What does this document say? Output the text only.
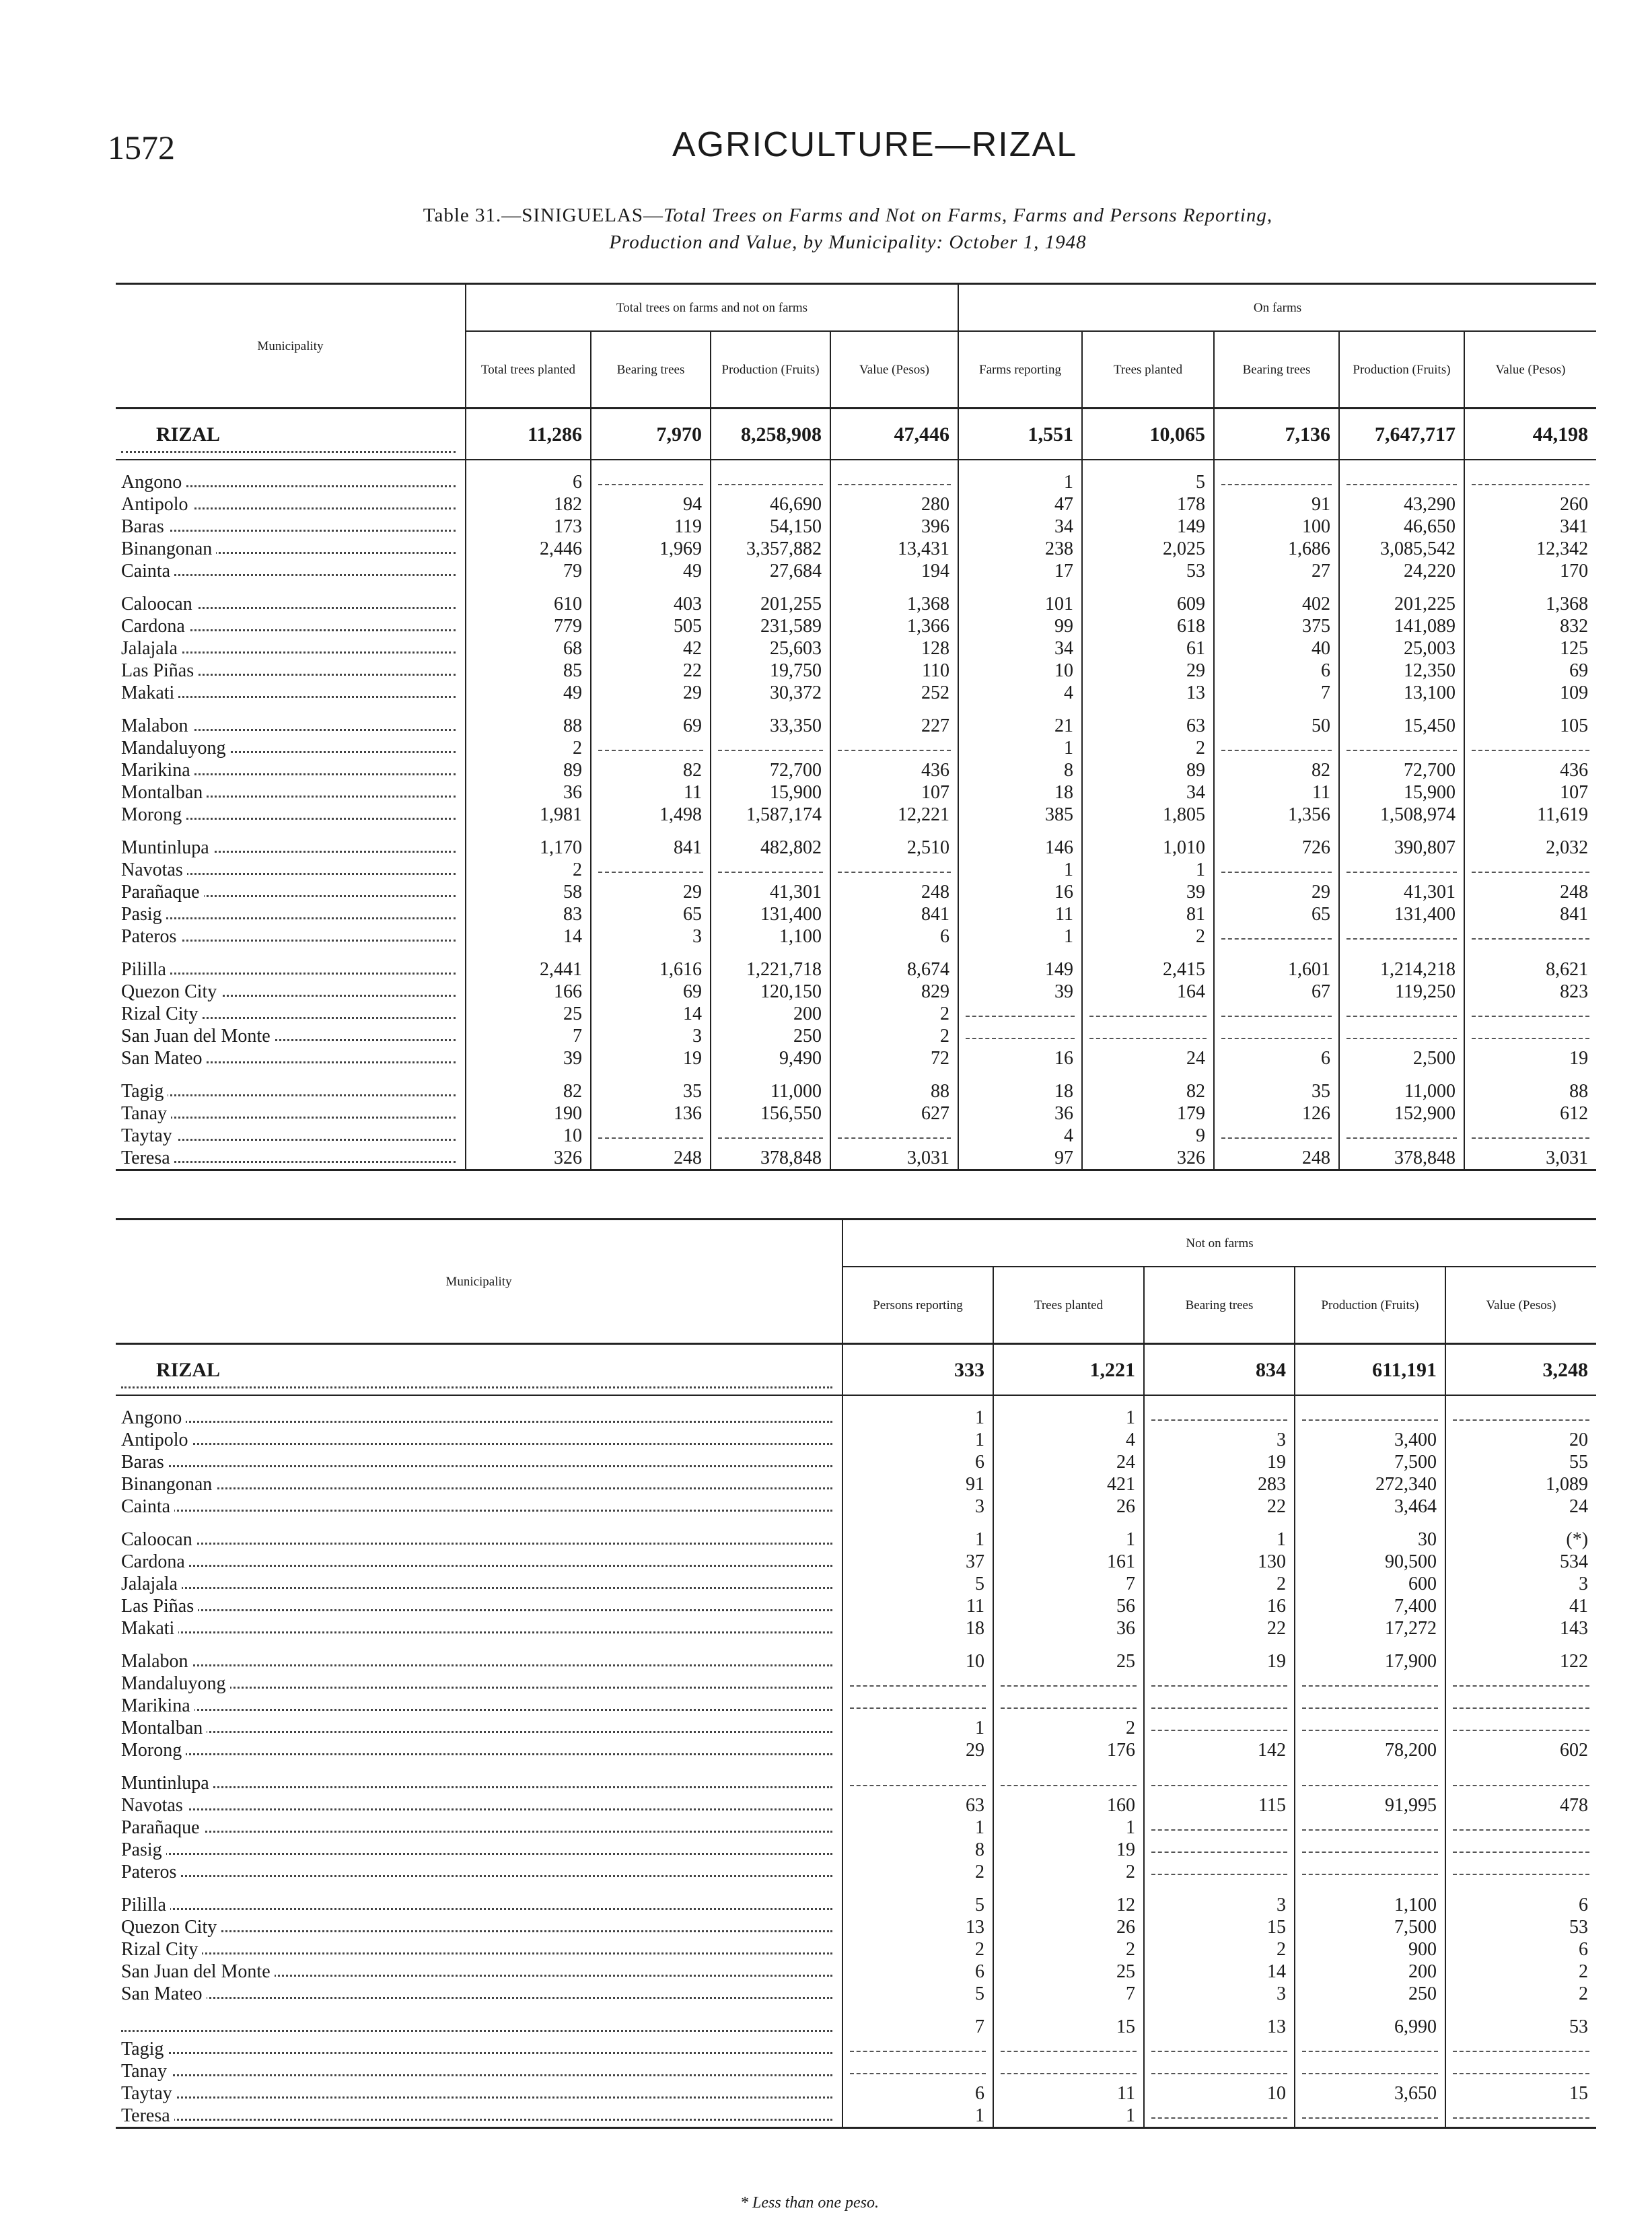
1572	AGRICULTURE—RIZAL
Table 31.—SINIGUELAS—Total Trees on Farms and Not on Farms, Farms and Persons Reporting,
Production and Value, by Municipality: October 1, 1948
Municipality	Total trees on farms and not on farms				On farms				
	Total trees planted	Bearing trees	Production (Fruits)	Value (Pesos)	Farms reporting	Trees planted	Bearing trees	Production (Fruits)	Value (Pesos)
RIZAL	11,286	7,970	8,258,908	47,446	1,551	10,065	7,136	7,647,717	44,198

Angono	6				1	5			
Antipolo	182	94	46,690	280	47	178	91	43,290	260
Baras	173	119	54,150	396	34	149	100	46,650	341
Binangonan	2,446	1,969	3,357,882	13,431	238	2,025	1,686	3,085,542	12,342
Cainta	79	49	27,684	194	17	53	27	24,220	170

Caloocan	610	403	201,255	1,368	101	609	402	201,225	1,368
Cardona	779	505	231,589	1,366	99	618	375	141,089	832
Jalajala	68	42	25,603	128	34	61	40	25,003	125
Las Piñas	85	22	19,750	110	10	29	6	12,350	69
Makati	49	29	30,372	252	4	13	7	13,100	109

Malabon	88	69	33,350	227	21	63	50	15,450	105
Mandaluyong	2				1	2			
Marikina	89	82	72,700	436	8	89	82	72,700	436
Montalban	36	11	15,900	107	18	34	11	15,900	107
Morong	1,981	1,498	1,587,174	12,221	385	1,805	1,356	1,508,974	11,619

Muntinlupa	1,170	841	482,802	2,510	146	1,010	726	390,807	2,032
Navotas	2				1	1			
Parañaque	58	29	41,301	248	16	39	29	41,301	248
Pasig	83	65	131,400	841	11	81	65	131,400	841
Pateros	14	3	1,100	6	1	2			

Pililla	2,441	1,616	1,221,718	8,674	149	2,415	1,601	1,214,218	8,621
Quezon City	166	69	120,150	829	39	164	67	119,250	823
Rizal City	25	14	200	2					
San Juan del Monte	7	3	250	2					
San Mateo	39	19	9,490	72	16	24	6	2,500	19

Tagig	82	35	11,000	88	18	82	35	11,000	88
Tanay	190	136	156,550	627	36	179	126	152,900	612
Taytay	10				4	9			
Teresa	326	248	378,848	3,031	97	326	248	378,848	3,031
Municipality	Not on farms				
	Persons reporting	Trees planted	Bearing trees	Production (Fruits)	Value (Pesos)
RIZAL	333	1,221	834	611,191	3,248

Angono	1	1			
Antipolo	1	4	3	3,400	20
Baras	6	24	19	7,500	55
Binangonan	91	421	283	272,340	1,089
Cainta	3	26	22	3,464	24

Caloocan	1	1	1	30	(*)
Cardona	37	161	130	90,500	534
Jalajala	5	7	2	600	3
Las Piñas	11	56	16	7,400	41
Makati	18	36	22	17,272	143

Malabon	10	25	19	17,900	122
Mandaluyong					
Marikina					
Montalban	1	2			
Morong	29	176	142	78,200	602

Muntinlupa					
Navotas	63	160	115	91,995	478
Parañaque	1	1			
Pasig	8	19			
Pateros	2	2			

Pililla	5	12	3	1,100	6
Quezon City	13	26	15	7,500	53
Rizal City	2	2	2	900	6
San Juan del Monte	6	25	14	200	2
San Mateo	5	7	3	250	2

	7	15	13	6,990	53
Tagig					
Tanay					
Taytay	6	11	10	3,650	15
Teresa	1	1			
* Less than one peso.
